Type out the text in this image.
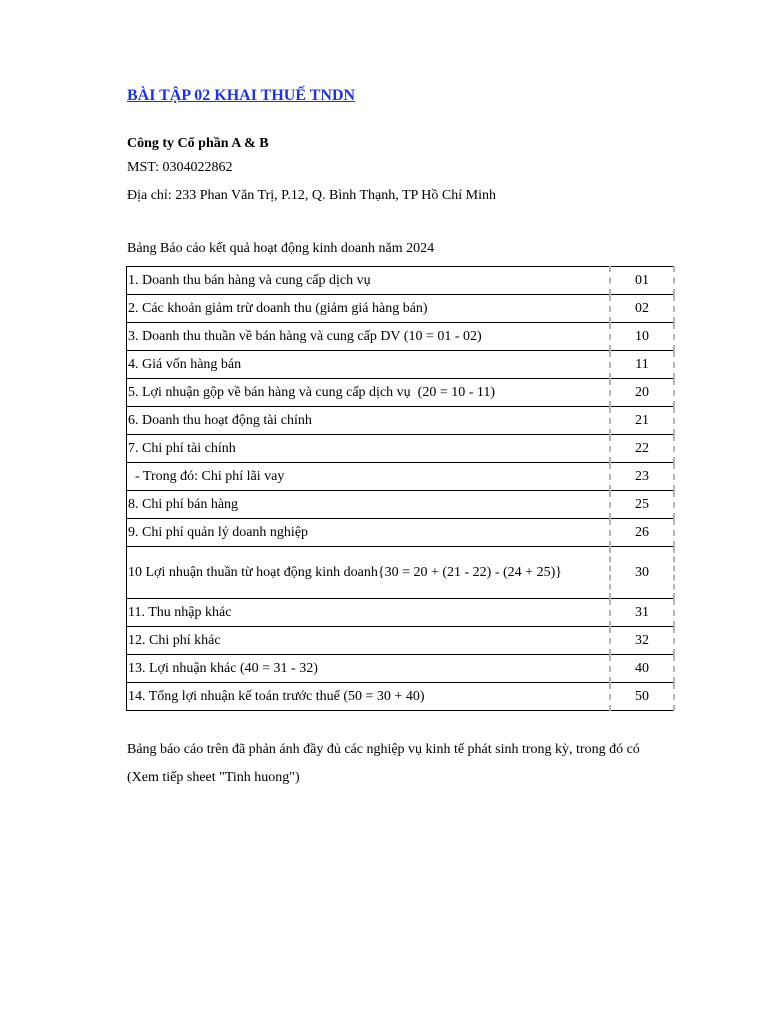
BÀI TẬP 02 KHAI THUẾ TNDN
Công ty Cổ phần A & B
MST: 0304022862
Địa chỉ: 233 Phan Văn Trị, P.12, Q. Bình Thạnh, TP Hồ Chí Minh
Bảng Báo cáo kết quả hoạt động kinh doanh năm 2024
1. Doanh thu bán hàng và cung cấp dịch vụ	01
2. Các khoản giảm trừ doanh thu (giảm giá hàng bán)	02
3. Doanh thu thuần về bán hàng và cung cấp DV (10 = 01 - 02)	10
4. Giá vốn hàng bán	11
5. Lợi nhuận gộp về bán hàng và cung cấp dịch vụ  (20 = 10 - 11)	20
6. Doanh thu hoạt động tài chính	21
7. Chi phí tài chính	22
- Trong đó: Chi phí lãi vay	23
8. Chi phí bán hàng	25
9. Chi phí quản lý doanh nghiệp	26
10 Lợi nhuận thuần từ hoạt động kinh doanh{30 = 20 + (21 - 22) - (24 + 25)}	30
11. Thu nhập khác	31
12. Chi phí khác	32
13. Lợi nhuận khác (40 = 31 - 32)	40
14. Tổng lợi nhuận kế toán trước thuế (50 = 30 + 40)	50
Bảng báo cáo trên đã phản ánh đầy đủ các nghiệp vụ kinh tế phát sinh trong kỳ, trong đó có
(Xem tiếp sheet "Tinh huong")
